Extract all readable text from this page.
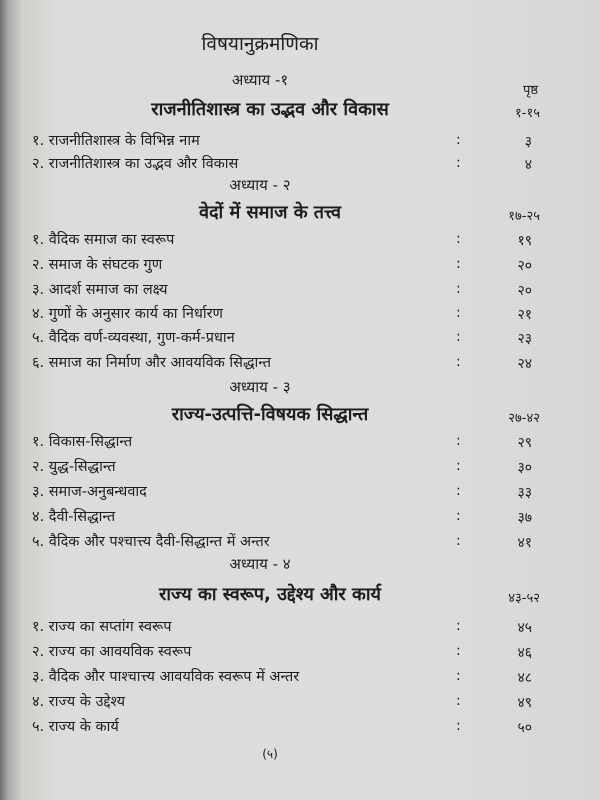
विषयानुक्रमणिका
पृष्ठ
अध्याय -१
राजनीतिशास्त्र का उद्भव और विकास	१-१५
१. राजनीतिशास्त्र के विभिन्न नाम	:	३
२. राजनीतिशास्त्र का उद्भव और विकास	:	४
अध्याय - २
वेदों में समाज के तत्त्व	१७-२५
१. वैदिक समाज का स्वरूप	:	१९
२. समाज के संघटक गुण	:	२०
३. आदर्श समाज का लक्ष्य	:	२०
४. गुणों के अनुसार कार्य का निर्धारण	:	२१
५. वैदिक वर्ण-व्यवस्था, गुण-कर्म-प्रधान	:	२३
६. समाज का निर्माण और आवयविक सिद्धान्त	:	२४
अध्याय - ३
राज्य-उत्पत्ति-विषयक सिद्धान्त	२७-४२
१. विकास-सिद्धान्त	:	२९
२. युद्ध-सिद्धान्त	:	३०
३. समाज-अनुबन्धवाद	:	३३
४. दैवी-सिद्धान्त	:	३७
५. वैदिक और पश्चात्त्य दैवी-सिद्धान्त में अन्तर	:	४१
अध्याय - ४
राज्य का स्वरूप, उद्देश्य और कार्य	४३-५२
१. राज्य का सप्तांग स्वरूप	:	४५
२. राज्य का आवयविक स्वरूप	:	४६
३. वैदिक और पाश्चात्त्य आवयविक स्वरूप में अन्तर	:	४८
४. राज्य के उद्देश्य	:	४९
५. राज्य के कार्य	:	५०
(५)
